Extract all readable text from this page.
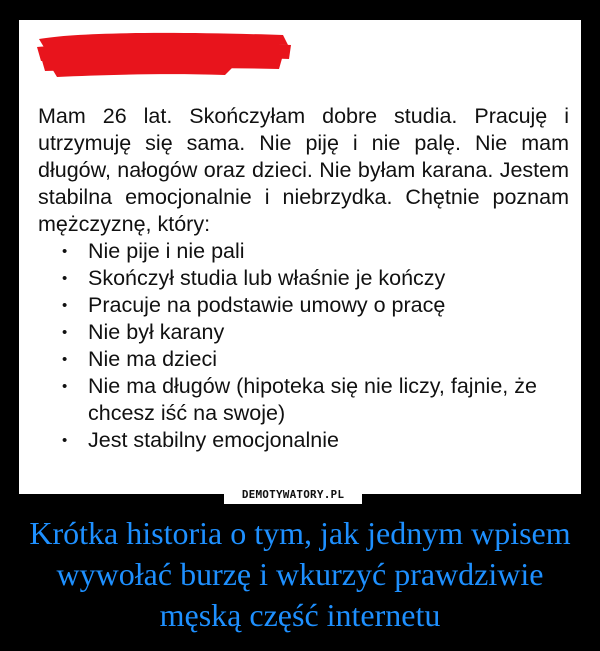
Mam 26 lat. Skończyłam dobre studia. Pracuję i utrzymuję się sama. Nie piję i nie palę. Nie mam długów, nałogów oraz dzieci. Nie byłam karana. Jestem stabilna emocjonalnie i niebrzydka. Chętnie poznam mężczyznę, który:

• Nie pije i nie pali
• Skończył studia lub właśnie je kończy
• Pracuje na podstawie umowy o pracę
• Nie był karany
• Nie ma dzieci
• Nie ma długów (hipoteka się nie liczy, fajnie, że chcesz iść na swoje)
• Jest stabilny emocjonalnie
DEMOTYWATORY.PL

Krótka historia o tym, jak jednym wpisem wywołać burzę i wkurzyć prawdziwie męską część internetu
